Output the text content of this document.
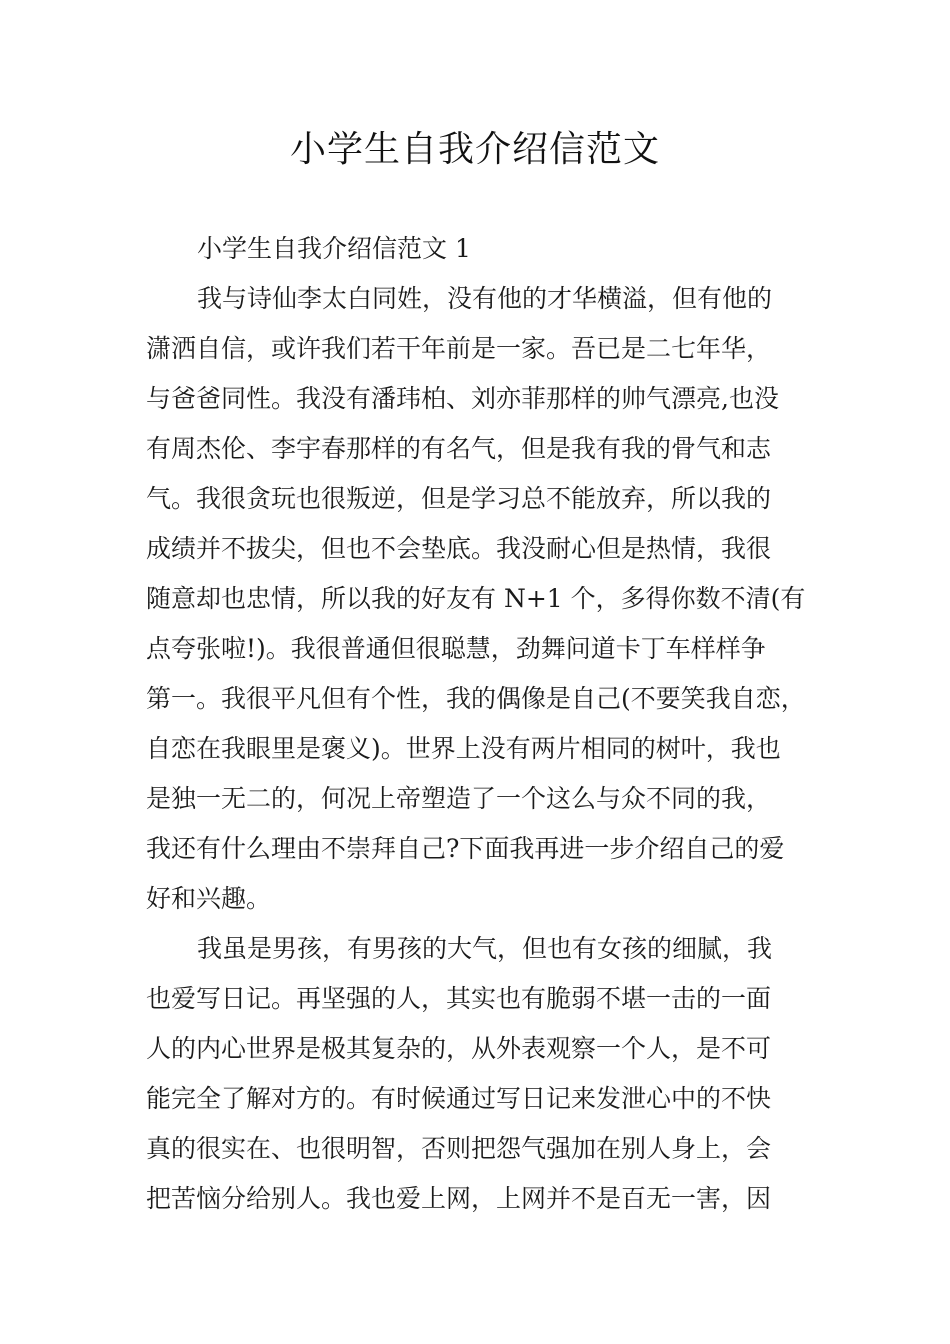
小学生自我介绍信范文
小学生自我介绍信范文 1
我与诗仙李太白同姓，没有他的才华横溢，但有他的
潇洒自信，或许我们若干年前是一家。吾已是二七年华，
与爸爸同性。我没有潘玮柏、刘亦菲那样的帅气漂亮,也没
有周杰伦、李宇春那样的有名气，但是我有我的骨气和志
气。我很贪玩也很叛逆，但是学习总不能放弃，所以我的
成绩并不拔尖，但也不会垫底。我没耐心但是热情，我很
随意却也忠情，所以我的好友有 N+1 个，多得你数不清(有
点夸张啦!)。我很普通但很聪慧，劲舞问道卡丁车样样争
第一。我很平凡但有个性，我的偶像是自己(不要笑我自恋，
自恋在我眼里是褒义)。世界上没有两片相同的树叶，我也
是独一无二的，何况上帝塑造了一个这么与众不同的我，
我还有什么理由不崇拜自己?下面我再进一步介绍自己的爱
好和兴趣。
我虽是男孩，有男孩的大气，但也有女孩的细腻，我
也爱写日记。再坚强的人，其实也有脆弱不堪一击的一面
人的内心世界是极其复杂的，从外表观察一个人，是不可
能完全了解对方的。有时候通过写日记来发泄心中的不快
真的很实在、也很明智，否则把怨气强加在别人身上，会
把苦恼分给别人。我也爱上网，上网并不是百无一害，因
